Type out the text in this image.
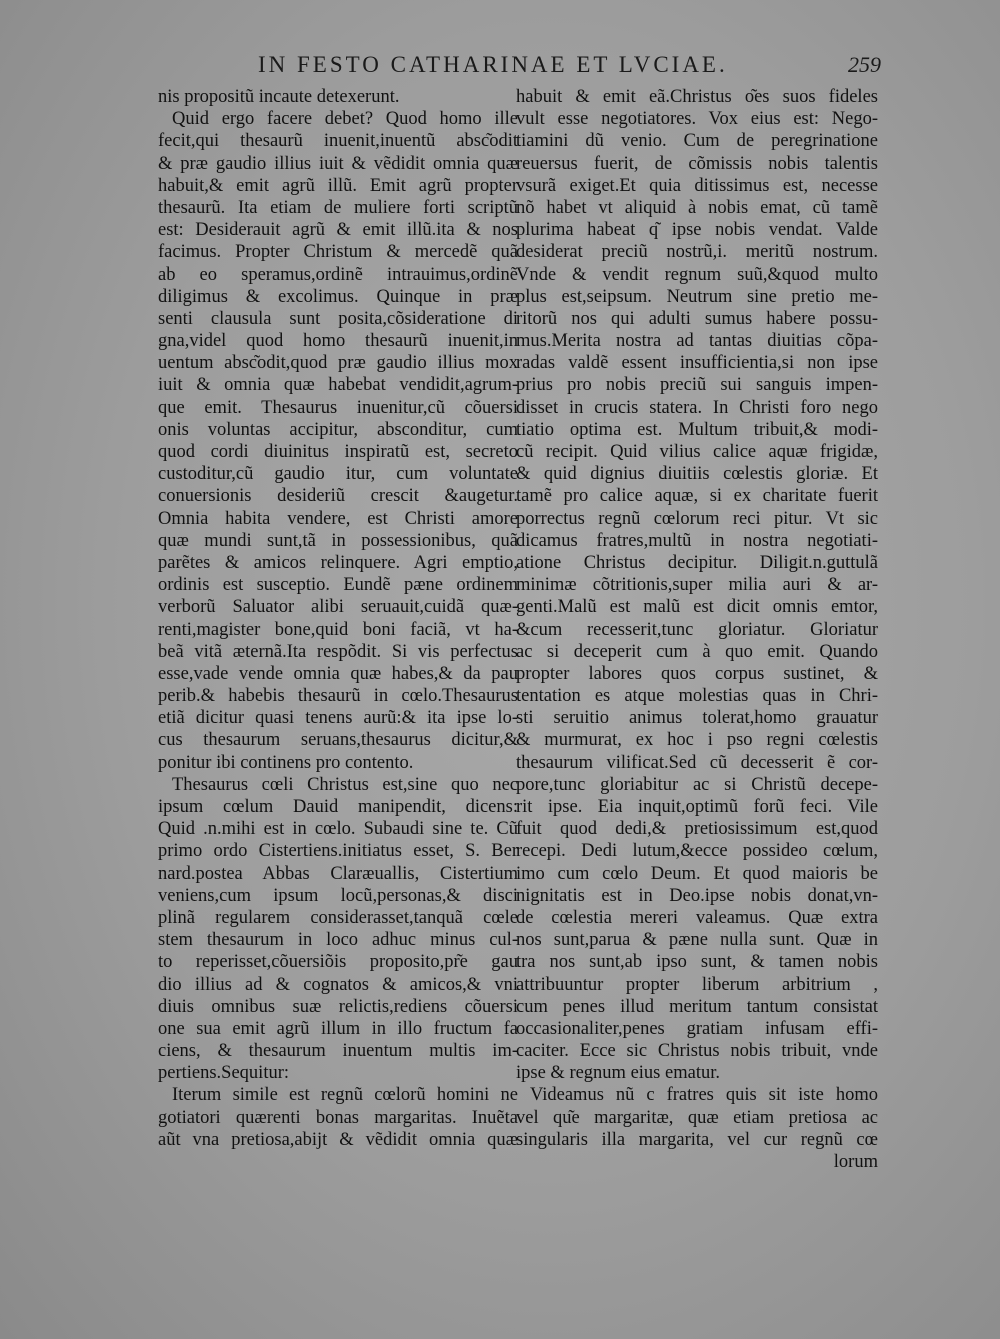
IN FESTO CATHARINAE ET LVCIAE.	259
nis propositũ incaute detexerunt.
Quid ergo facere debet? Quod homo ille
fecit,qui thesaurũ inuenit,inuentũ absc͂odit
& præ gaudio illius iuit & vẽdidit omnia quæ
habuit,& emit agrũ illũ. Emit agrũ propter
thesaurũ. Ita etiam de muliere forti scriptũ
est: Desiderauit agrũ & emit illũ.ita & nos
facimus. Propter Christum & mercedẽ quã
ab eo speramus,ordinẽ intrauimus,ordinẽ
diligimus & excolimus. Quinque in præ
senti clausula sunt posita,cõsideratione di
gna,videl quod homo thesaurũ inuenit,in
uentum absc͂odit,quod præ gaudio illius mox
iuit & omnia quæ habebat vendidit,agrum-
que emit. Thesaurus inuenitur,cũ cõuersi
onis voluntas accipitur, absconditur, cum
quod cordi diuinitus inspiratũ est, secreto
custoditur,cũ gaudio itur, cum voluntate
conuersionis desideriũ crescit &augetur.
Omnia habita vendere, est Christi amore
quæ mundi sunt,tã in possessionibus, quã
parẽtes & amicos relinquere. Agri emptio,
ordinis est susceptio. Eundẽ pæne ordinem
verborũ Saluator alibi seruauit,cuidã quæ-
renti,magister bone,quid boni faciã, vt ha-
beã vitã æternã.Ita respõdit. Si vis perfectus
esse,vade vende omnia quæ habes,& da pau
perib.& habebis thesaurũ in cœlo.Thesaurus
etiã dicitur quasi tenens aurũ:& ita ipse lo-
cus thesaurum seruans,thesaurus dicitur,&
ponitur ibi continens pro contento.
Thesaurus cœli Christus est,sine quo nec
ipsum cœlum Dauid manipendit, dicens:
Quid .n.mihi est in cœlo. Subaudi sine te. Cũ
primo ordo Cistertiens.initiatus esset, S. Ber
nard.postea Abbas Claræuallis, Cistertium
veniens,cum ipsum locũ,personas,& disci
plinã regularem considerasset,tanquã cœle
stem thesaurum in loco adhuc minus cul-
to reperisset,cõuersiõis proposito,pr͂e gau
dio illius ad & cognatos & amicos,& vni
diuis omnibus suæ relictis,rediens cõuersi
one sua emit agrũ illum in illo fructum fa
ciens, & thesaurum inuentum multis im-
pertiens.Sequitur:
Iterum simile est regnũ cœlorũ homini ne
gotiatori quærenti bonas margaritas. Inuẽta
aũt vna pretiosa,abijt & vẽdidit omnia quæ
habuit & emit eã.Christus o͂es suos fideles
vult esse negotiatores. Vox eius est: Nego-
tiamini dũ venio. Cum de peregrinatione
reuersus fuerit, de cõmissis nobis talentis
vsurã exiget.Et quia ditissimus est, necesse
nõ habet vt aliquid à nobis emat, cũ tamẽ
plurima habeat q͂ ipse nobis vendat. Valde
desiderat preciũ nostrũ,i. meritũ nostrum.
Vnde & vendit regnum suũ,&quod multo
plus est,seipsum. Neutrum sine pretio me-
ritorũ nos qui adulti sumus habere possu-
mus.Merita nostra ad tantas diuitias cõpa-
radas valdẽ essent insufficientia,si non ipse
prius pro nobis preciũ sui sanguis impen-
disset in crucis statera. In Christi foro nego
tiatio optima est. Multum tribuit,& modi-
cũ recipit. Quid vilius calice aquæ frigidæ,
& quid dignius diuitiis cœlestis gloriæ. Et
tamẽ pro calice aquæ, si ex charitate fuerit
porrectus regnũ cœlorum reci pitur. Vt sic
dicamus fratres,multũ in nostra negotiati-
atione Christus decipitur. Diligit.n.guttulã
minimæ cõtritionis,super milia auri & ar-
genti.Malũ est malũ est dicit omnis emtor,
&cum recesserit,tunc gloriatur. Gloriatur
ac si deceperit cum à quo emit. Quando
propter labores quos corpus sustinet, &
tentation es atque molestias quas in Chri-
sti seruitio animus tolerat,homo grauatur
& murmurat, ex hoc i pso regni cœlestis
thesaurum vilificat.Sed cũ decesserit ẽ cor-
pore,tunc gloriabitur ac si Christũ decepe-
rit ipse. Eia inquit,optimũ forũ feci. Vile
fuit quod dedi,& pretiosissimum est,quod
recepi. Dedi lutum,&ecce possideo cœlum,
imo cum cœlo Deum. Et quod maioris be
nignitatis est in Deo.ipse nobis donat,vn-
de cœlestia mereri valeamus. Quæ extra
nos sunt,parua & pæne nulla sunt. Quæ in
tra nos sunt,ab ipso sunt, & tamen nobis
attribuuntur propter liberum arbitrium ,
cum penes illud meritum tantum consistat
occasionaliter,penes gratiam infusam effi-
caciter. Ecce sic Christus nobis tribuit, vnde
ipse & regnum eius ematur.
Videamus nũ c fratres quis sit iste homo
vel qu͂e margaritæ, quæ etiam pretiosa ac
singularis illa margarita, vel cur regnũ cœ
lorum
